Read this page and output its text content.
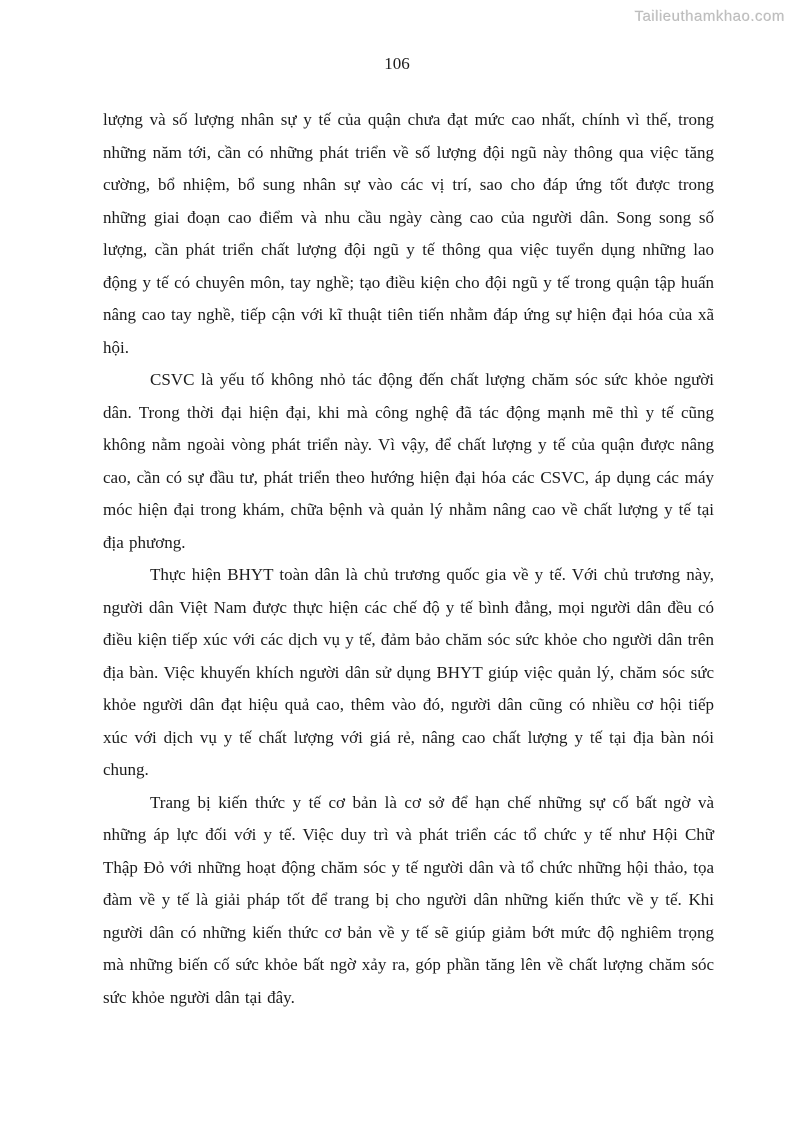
Tailieuthamkhao.com
106

lượng và số lượng nhân sự y tế của quận chưa đạt mức cao nhất, chính vì thế, trong những năm tới, cần có những phát triển về số lượng đội ngũ này thông qua việc tăng cường, bổ nhiệm, bổ sung nhân sự vào các vị trí, sao cho đáp ứng tốt được trong những giai đoạn cao điểm và nhu cầu ngày càng cao của người dân. Song song số lượng, cần phát triển chất lượng đội ngũ y tế thông qua việc tuyển dụng những lao động y tế có chuyên môn, tay nghề; tạo điều kiện cho đội ngũ y tế trong quận tập huấn nâng cao tay nghề, tiếp cận với kĩ thuật tiên tiến nhằm đáp ứng sự hiện đại hóa của xã hội.

CSVC là yếu tố không nhỏ tác động đến chất lượng chăm sóc sức khỏe người dân. Trong thời đại hiện đại, khi mà công nghệ đã tác động mạnh mẽ thì y tế cũng không nằm ngoài vòng phát triển này. Vì vậy, để chất lượng y tế của quận được nâng cao, cần có sự đầu tư, phát triển theo hướng hiện đại hóa các CSVC, áp dụng các máy móc hiện đại trong khám, chữa bệnh và quản lý nhằm nâng cao về chất lượng y tế tại địa phương.

Thực hiện BHYT toàn dân là chủ trương quốc gia về y tế. Với chủ trương này, người dân Việt Nam được thực hiện các chế độ y tế bình đẳng, mọi người dân đều có điều kiện tiếp xúc với các dịch vụ y tế, đảm bảo chăm sóc sức khỏe cho người dân trên địa bàn. Việc khuyến khích người dân sử dụng BHYT giúp việc quản lý, chăm sóc sức khỏe người dân đạt hiệu quả cao, thêm vào đó, người dân cũng có nhiều cơ hội tiếp xúc với dịch vụ y tế chất lượng với giá rẻ, nâng cao chất lượng y tế tại địa bàn nói chung.

Trang bị kiến thức y tế cơ bản là cơ sở để hạn chế những sự cố bất ngờ và những áp lực đối với y tế. Việc duy trì và phát triển các tổ chức y tế như Hội Chữ Thập Đỏ với những hoạt động chăm sóc y tế người dân và tổ chức những hội thảo, tọa đàm về y tế là giải pháp tốt để trang bị cho người dân những kiến thức về y tế. Khi người dân có những kiến thức cơ bản về y tế sẽ giúp giảm bớt mức độ nghiêm trọng mà những biến cố sức khỏe bất ngờ xảy ra, góp phần tăng lên về chất lượng chăm sóc sức khỏe người dân tại đây.
